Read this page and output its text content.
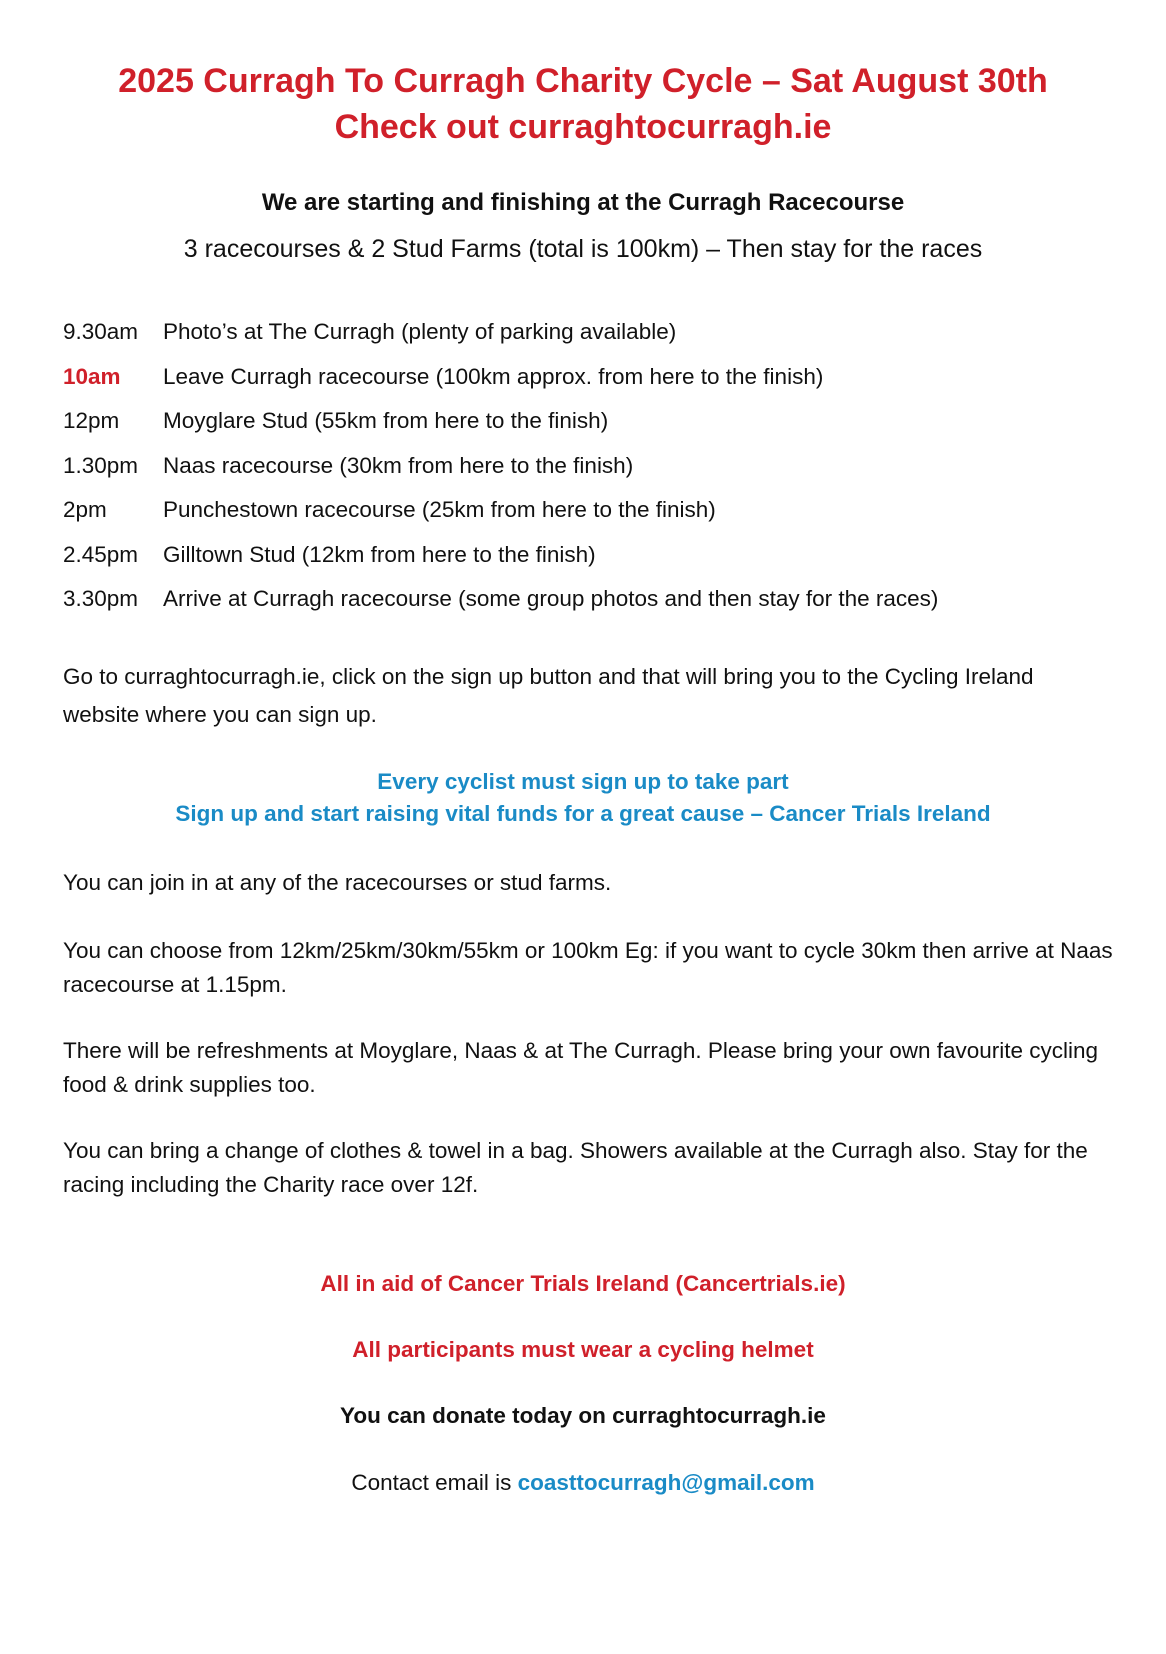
2025 Curragh To Curragh Charity Cycle – Sat August 30th
Check out curraghtocurragh.ie
We are starting and finishing at the Curragh Racecourse
3 racecourses & 2 Stud Farms (total is 100km) – Then stay for the races
9.30am	Photo’s at The Curragh (plenty of parking available)
10am	Leave Curragh racecourse (100km approx. from here to the finish)
12pm	Moyglare Stud (55km from here to the finish)
1.30pm	Naas racecourse (30km from here to the finish)
2pm	Punchestown racecourse (25km from here to the finish)
2.45pm	Gilltown Stud (12km from here to the finish)
3.30pm	Arrive at Curragh racecourse (some group photos and then stay for the races)
Go to curraghtocurragh.ie, click on the sign up button and that will bring you to the Cycling Ireland website where you can sign up.
Every cyclist must sign up to take part
Sign up and start raising vital funds for a great cause – Cancer Trials Ireland
You can join in at any of the racecourses or stud farms.
You can choose from 12km/25km/30km/55km or 100km Eg: if you want to cycle 30km then arrive at Naas racecourse at 1.15pm.
There will be refreshments at Moyglare, Naas & at The Curragh. Please bring your own favourite cycling food & drink supplies too.
You can bring a change of clothes & towel in a bag. Showers available at the Curragh also. Stay for the racing including the Charity race over 12f.
All in aid of Cancer Trials Ireland (Cancertrials.ie)
All participants must wear a cycling helmet
You can donate today on curraghtocurragh.ie
Contact email is coasttocurragh@gmail.com
